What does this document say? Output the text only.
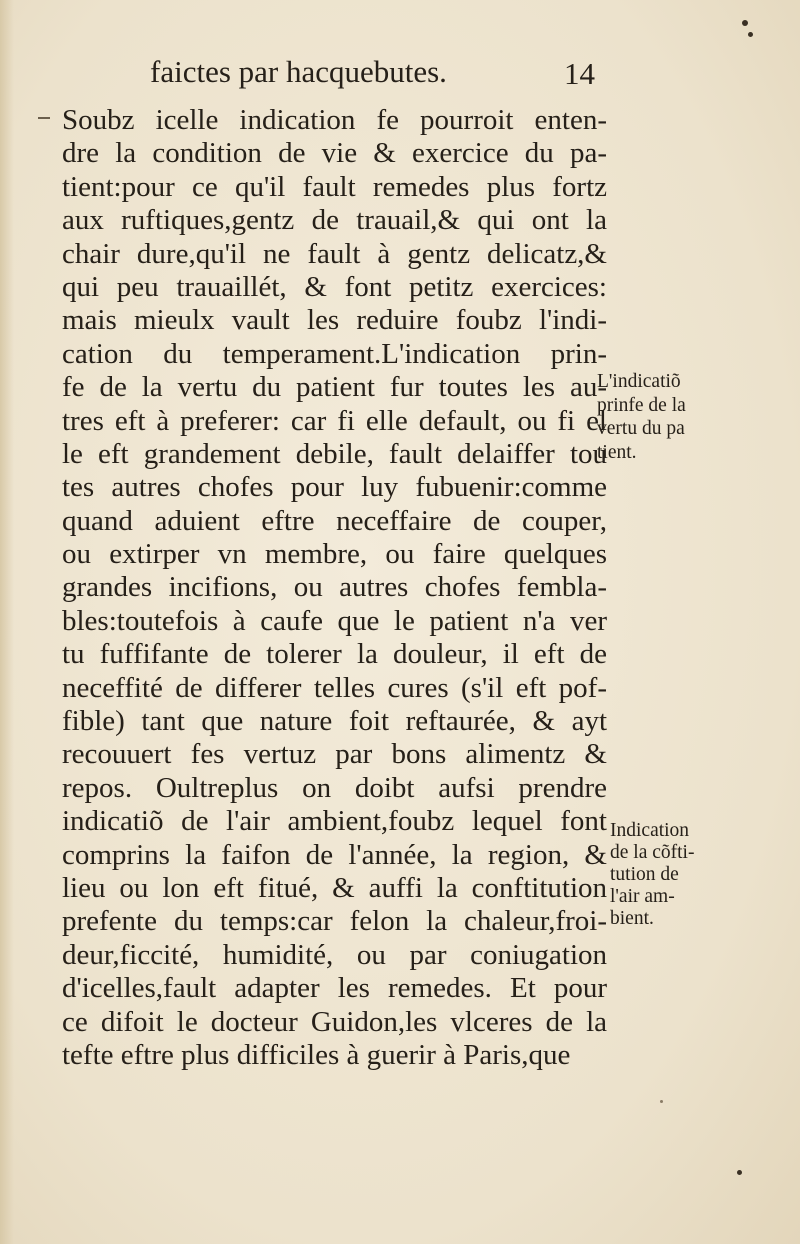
faictes par hacquebutes.	14
Soubz icelle indication fe pourroit enten-
dre la condition de vie & exercice du pa-
tient:pour ce qu'il fault remedes plus fortz
aux ruftiques,gentz de trauail,& qui ont la
chair dure,qu'il ne fault à gentz delicatz,&
qui peu trauaillét, & font petitz exercices:
mais mieulx vault les reduire foubz l'indi-
cation du temperament.L'indication prin-
fe de la vertu du patient fur toutes les au-
tres eft à preferer: car fi elle default, ou fi el
le eft grandement debile, fault delaiffer tou
tes autres chofes pour luy fubuenir:comme
quand aduient eftre neceffaire de couper,
ou extirper vn membre, ou faire quelques
grandes incifions, ou autres chofes fembla-
bles:toutefois à caufe que le patient n'a ver
tu fuffifante de tolerer la douleur, il eft de
neceffité de differer telles cures (s'il eft pof-
fible) tant que nature foit reftaurée, & ayt
recouuert fes vertuz par bons alimentz &
repos. Oultreplus on doibt aufsi prendre
indicatiõ de l'air ambient,foubz lequel font
comprins la faifon de l'année, la region, &
lieu ou lon eft fitué, & auffi la conftitution
prefente du temps:car felon la chaleur,froi-
deur,ficcité, humidité, ou par coniugation
d'icelles,fault adapter les remedes. Et pour
ce difoit le docteur Guidon,les vlceres de la
tefte eftre plus difficiles à guerir à Paris,que
L'indicatiõ
prinfe de la
vertu du pa
tient.
Indication
de la cõfti-
tution de
l'air am-
bient.
